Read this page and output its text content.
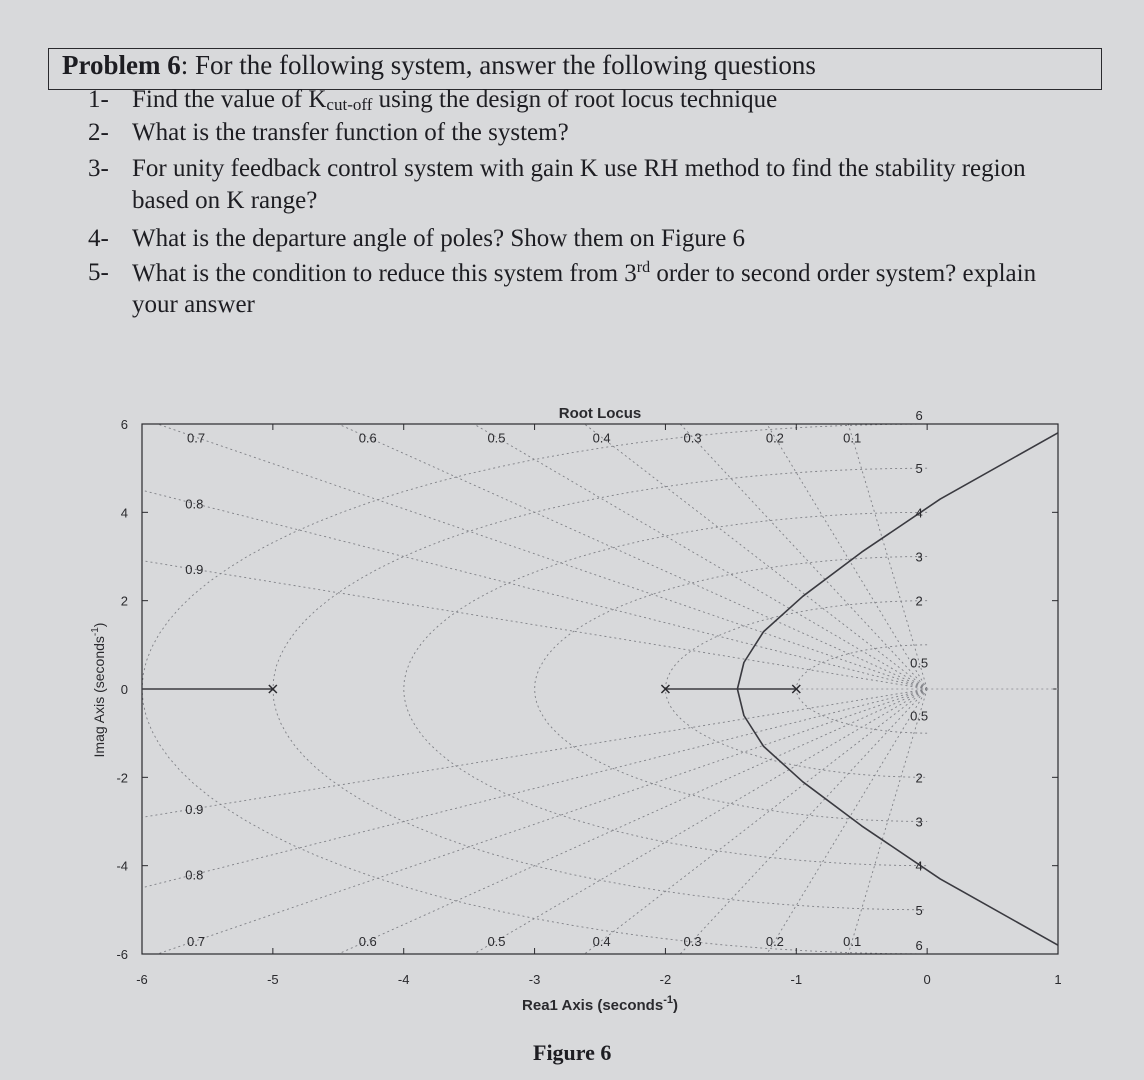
Problem 6: For the following system, answer the following questions
1- Find the value of $K_{cut-off}$ using the design of root locus technique
2- What is the transfer function of the system?
3- For unity feedback control system with gain K use RH method to find the stability region
based on K range?
4- What is the departure angle of poles? Show them on Figure 6
5- What is the condition to reduce this system from 3rd order to second order system? explain
your answer
0.9
0.9
0.8
0.8
0.7
0.7
0.6
0.6
0.5
0.5
0.4
0.4
0.3
0.3
0.2
0.2
0.1
0.1
-6	-5	-4	-3	-2	-1	0	1
6
4
2
0
-2
-4
-6
5
4
3
2
0.5
0.5
2
3
4
5
6
6
Root Locus
Rea1 Axis (seconds$^{-1}$)
Imag Axis (seconds$^{-1}$)
Figure 6
